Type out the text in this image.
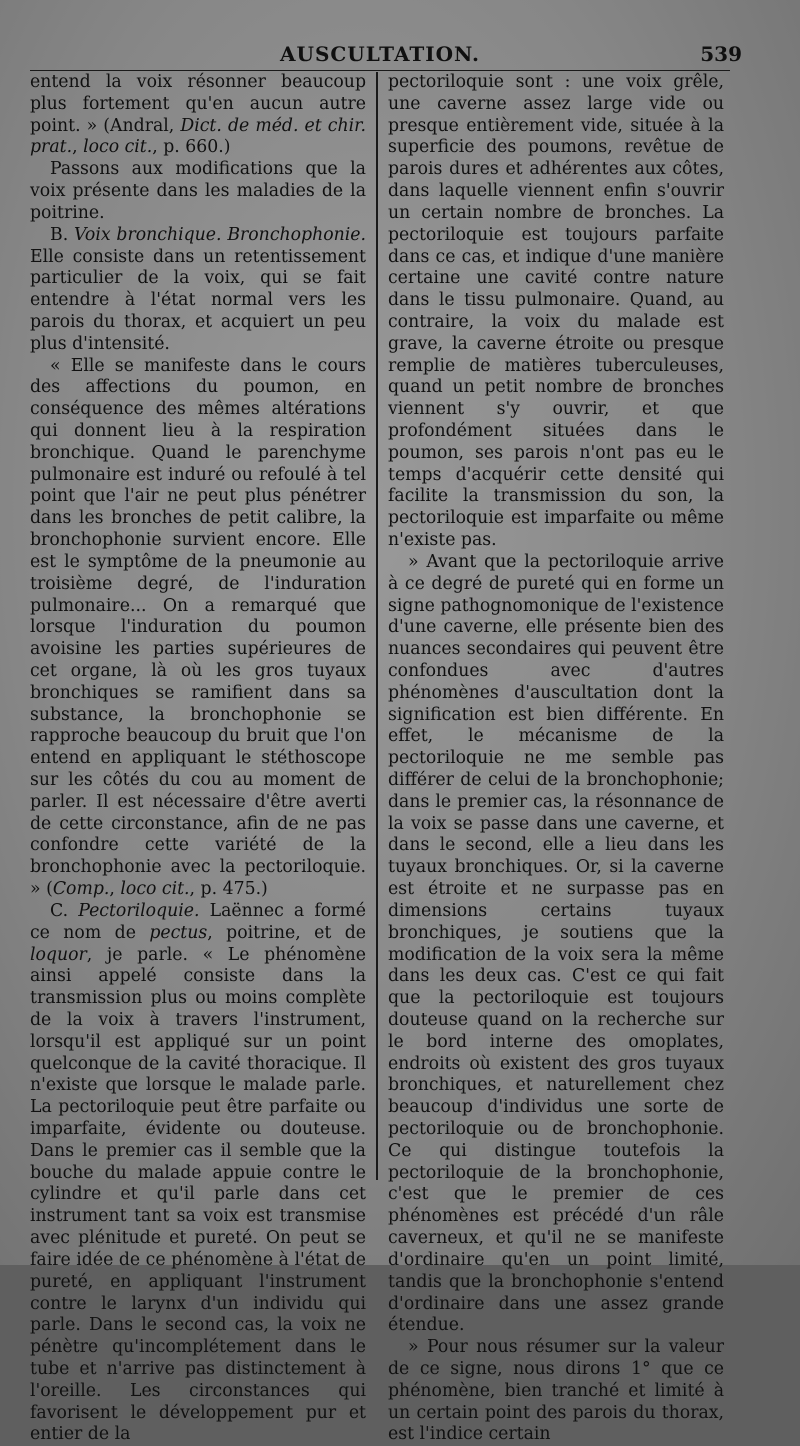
AUSCULTATION.	539

entend la voix résonner beaucoup plus fortement qu'en aucun autre point. » (Andral, Dict. de méd. et chir. prat., loco cit., p. 660.)

Passons aux modifications que la voix présente dans les maladies de la poitrine.

B. Voix bronchique. Bronchophonie. Elle consiste dans un retentissement particulier de la voix, qui se fait entendre à l'état normal vers les parois du thorax, et acquiert un peu plus d'intensité.

« Elle se manifeste dans le cours des affections du poumon, en conséquence des mêmes altérations qui donnent lieu à la respiration bronchique. Quand le parenchyme pulmonaire est induré ou refoulé à tel point que l'air ne peut plus pénétrer dans les bronches de petit calibre, la bronchophonie survient encore. Elle est le symptôme de la pneumonie au troisième degré, de l'induration pulmonaire... On a remarqué que lorsque l'induration du poumon avoisine les parties supérieures de cet organe, là où les gros tuyaux bronchiques se ramifient dans sa substance, la bronchophonie se rapproche beaucoup du bruit que l'on entend en appliquant le stéthoscope sur les côtés du cou au moment de parler. Il est nécessaire d'être averti de cette circonstance, afin de ne pas confondre cette variété de la bronchophonie avec la pectoriloquie. » (Comp., loco cit., p. 475.)

C. Pectoriloquie. Laënnec a formé ce nom de pectus, poitrine, et de loquor, je parle. « Le phénomène ainsi appelé consiste dans la transmission plus ou moins complète de la voix à travers l'instrument, lorsqu'il est appliqué sur un point quelconque de la cavité thoracique. Il n'existe que lorsque le malade parle. La pectoriloquie peut être parfaite ou imparfaite, évidente ou douteuse. Dans le premier cas il semble que la bouche du malade appuie contre le cylindre et qu'il parle dans cet instrument tant sa voix est transmise avec plénitude et pureté. On peut se faire idée de ce phénomène à l'état de pureté, en appliquant l'instrument contre le larynx d'un individu qui parle. Dans le second cas, la voix ne pénètre qu'incomplétement dans le tube et n'arrive pas distinctement à l'oreille. Les circonstances qui favorisent le développement pur et entier de la

pectoriloquie sont : une voix grêle, une caverne assez large vide ou presque entièrement vide, située à la superficie des poumons, revêtue de parois dures et adhérentes aux côtes, dans laquelle viennent enfin s'ouvrir un certain nombre de bronches. La pectoriloquie est toujours parfaite dans ce cas, et indique d'une manière certaine une cavité contre nature dans le tissu pulmonaire. Quand, au contraire, la voix du malade est grave, la caverne étroite ou presque remplie de matières tuberculeuses, quand un petit nombre de bronches viennent s'y ouvrir, et que profondément situées dans le poumon, ses parois n'ont pas eu le temps d'acquérir cette densité qui facilite la transmission du son, la pectoriloquie est imparfaite ou même n'existe pas.

» Avant que la pectoriloquie arrive à ce degré de pureté qui en forme un signe pathognomonique de l'existence d'une caverne, elle présente bien des nuances secondaires qui peuvent être confondues avec d'autres phénomènes d'auscultation dont la signification est bien différente. En effet, le mécanisme de la pectoriloquie ne me semble pas différer de celui de la bronchophonie; dans le premier cas, la résonnance de la voix se passe dans une caverne, et dans le second, elle a lieu dans les tuyaux bronchiques. Or, si la caverne est étroite et ne surpasse pas en dimensions certains tuyaux bronchiques, je soutiens que la modification de la voix sera la même dans les deux cas. C'est ce qui fait que la pectoriloquie est toujours douteuse quand on la recherche sur le bord interne des omoplates, endroits où existent des gros tuyaux bronchiques, et naturellement chez beaucoup d'individus une sorte de pectoriloquie ou de bronchophonie. Ce qui distingue toutefois la pectoriloquie de la bronchophonie, c'est que le premier de ces phénomènes est précédé d'un râle caverneux, et qu'il ne se manifeste d'ordinaire qu'en un point limité, tandis que la bronchophonie s'entend d'ordinaire dans une assez grande étendue.

» Pour nous résumer sur la valeur de ce signe, nous dirons 1° que ce phénomène, bien tranché et limité à un certain point des parois du thorax, est l'indice certain
